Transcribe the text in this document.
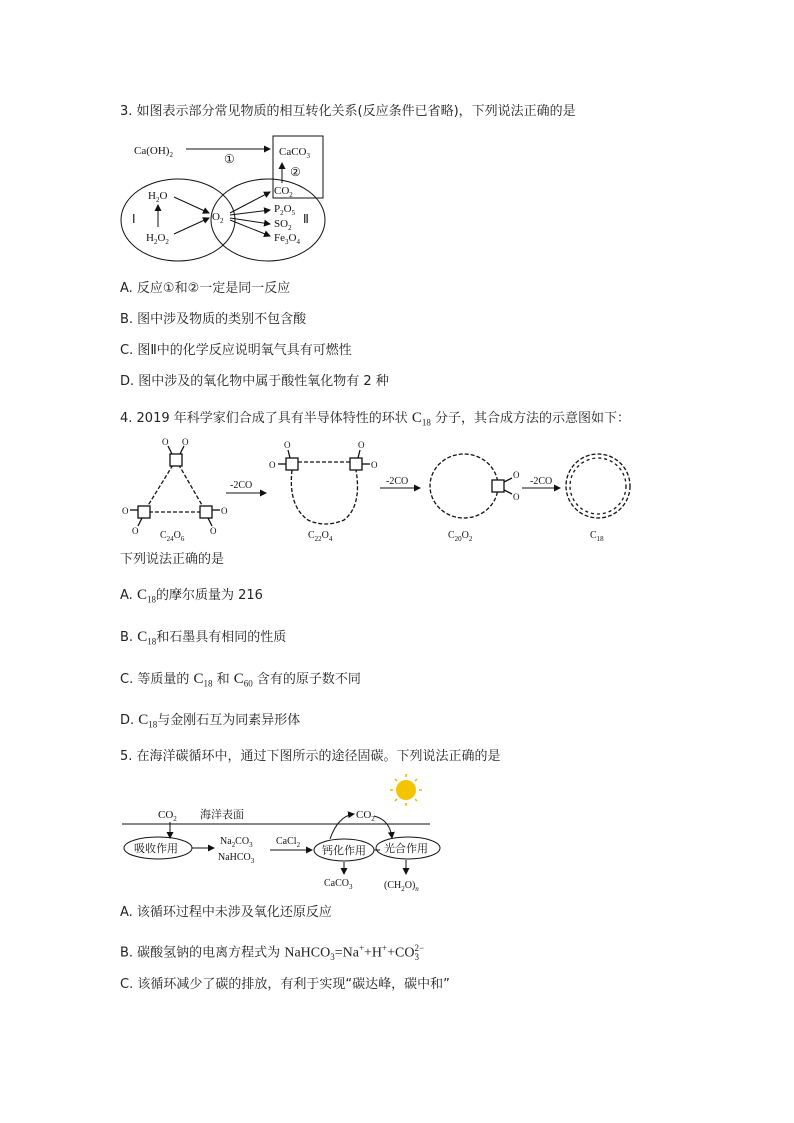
3. 如图表示部分常见物质的相互转化关系(反应条件已省略)，下列说法正确的是
$Ca(OH)_2$	①	CaCO$_3$
②
$H_2O$
$H_2O_2$
Ⅰ	Ⅱ
$O_2$
$CO_2$
$P_2O_5$
$SO_2$
$Fe_3O_4$
A. 反应①和②一定是同一反应
B. 图中涉及物质的类别不包含酸
C. 图Ⅱ中的化学反应说明氧气具有可燃性
D. 图中涉及的氧化物中属于酸性氧化物有 2 种
4. 2019 年科学家们合成了具有半导体特性的环状 $C_{18}$ 分子，其合成方法的示意图如下：
O O
O
O
O
O
$C_{24}O_6$
-2CO
O
O
O
O
$C_{22}O_4$
-2CO
O
O
$C_{20}O_2$
-2CO
$C_{18}$
下列说法正确的是
A. $C_{18}$的摩尔质量为 216
B. $C_{18}$和石墨具有相同的性质
C. 等质量的 $C_{18}$ 和 $C_{60}$ 含有的原子数不同
D. $C_{18}$与金刚石互为同素异形体
5. 在海洋碳循环中，通过下图所示的途径固碳。下列说法正确的是
$CO_2$ 海洋表面
吸收作用
$Na_2CO_3$
NaHCO$_3$
CaCl$_2$ 钙化作用
CaCO$_3$
$CO_2$
光合作用
$(CH_2O)_n$
A. 该循环过程中未涉及氧化还原反应
B. 碳酸氢钠的电离方程式为 NaHCO$_3$=Na++H++CO 2−
3
C. 该循环减少了碳的排放，有利于实现“碳达峰，碳中和”
